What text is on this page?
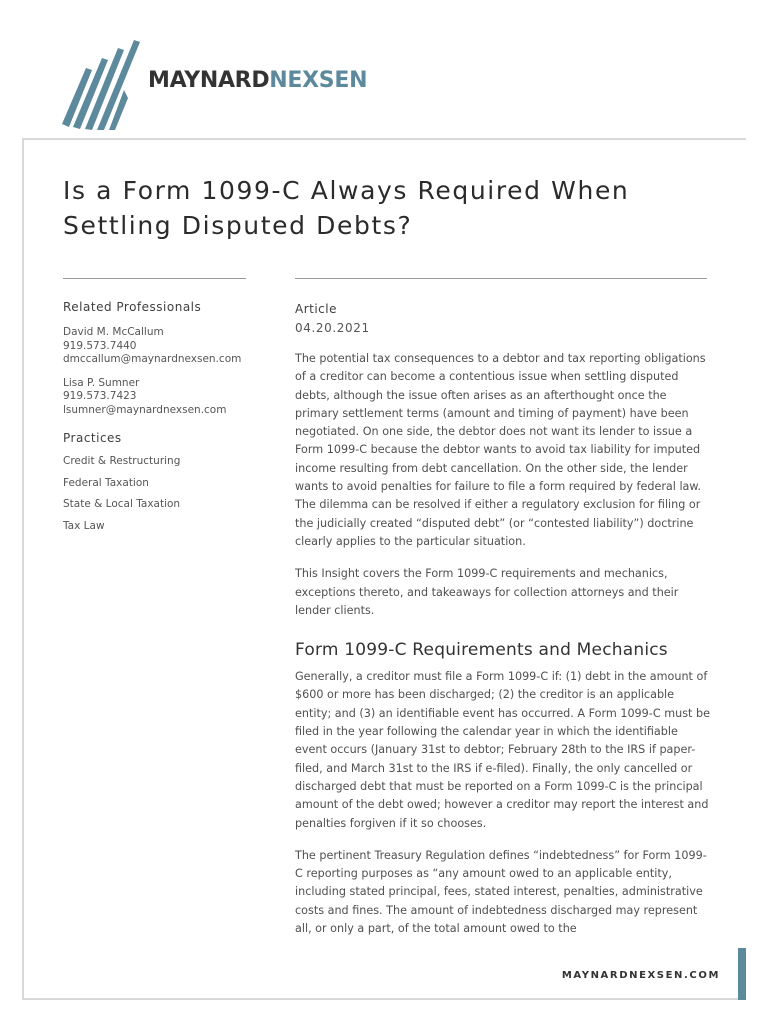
MAYNARDNEXSEN
Is a Form 1099-C Always Required When Settling Disputed Debts?
Related Professionals
David M. McCallum
919.573.7440
dmccallum@maynardnexsen.com
Lisa P. Sumner
919.573.7423
lsumner@maynardnexsen.com
Practices
Credit & Restructuring
Federal Taxation
State & Local Taxation
Tax Law
Article
04.20.2021

The potential tax consequences to a debtor and tax reporting obligations of a creditor can become a contentious issue when settling disputed debts, although the issue often arises as an afterthought once the primary settlement terms (amount and timing of payment) have been negotiated. On one side, the debtor does not want its lender to issue a Form 1099-C because the debtor wants to avoid tax liability for imputed income resulting from debt cancellation. On the other side, the lender wants to avoid penalties for failure to file a form required by federal law. The dilemma can be resolved if either a regulatory exclusion for filing or the judicially created “disputed debt” (or “contested liability”) doctrine clearly applies to the particular situation.

This Insight covers the Form 1099-C requirements and mechanics, exceptions thereto, and takeaways for collection attorneys and their lender clients.

Form 1099-C Requirements and Mechanics

Generally, a creditor must file a Form 1099-C if: (1) debt in the amount of $600 or more has been discharged; (2) the creditor is an applicable entity; and (3) an identifiable event has occurred. A Form 1099-C must be filed in the year following the calendar year in which the identifiable event occurs (January 31st to debtor; February 28th to the IRS if paper-filed, and March 31st to the IRS if e-filed). Finally, the only cancelled or discharged debt that must be reported on a Form 1099-C is the principal amount of the debt owed; however a creditor may report the interest and penalties forgiven if it so chooses.

The pertinent Treasury Regulation defines “indebtedness” for Form 1099-C reporting purposes as “any amount owed to an applicable entity, including stated principal, fees, stated interest, penalties, administrative costs and fines. The amount of indebtedness discharged may represent all, or only a part, of the total amount owed to the

MAYNARDNEXSEN.COM
